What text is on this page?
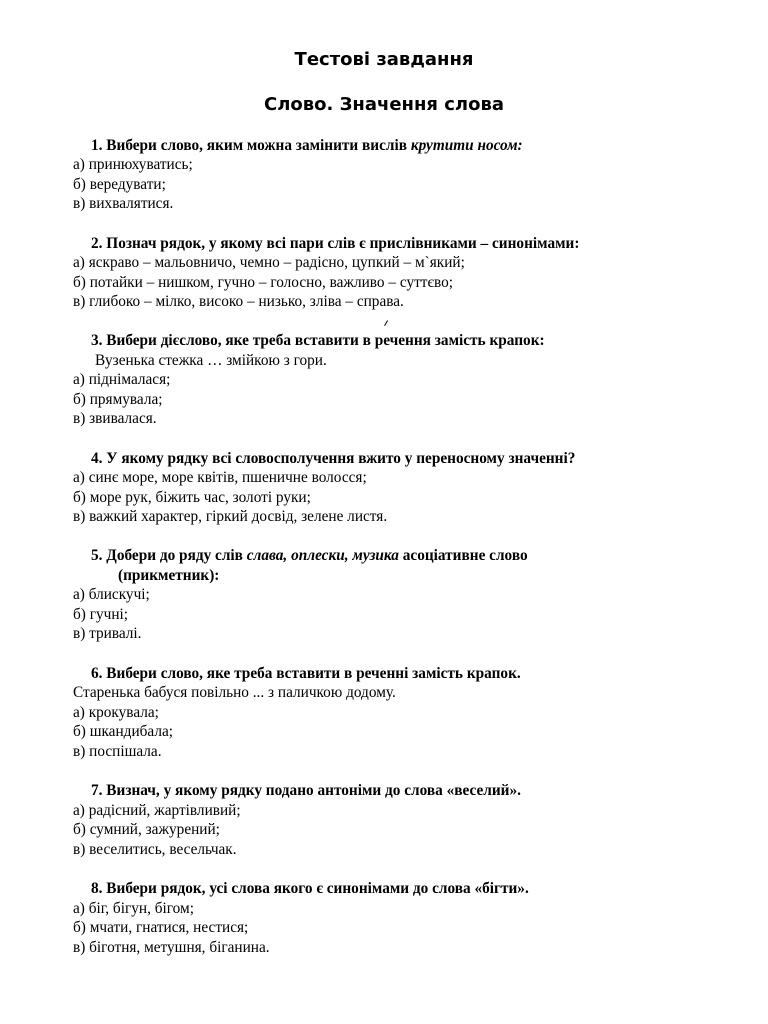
Тестові завдання
Слово. Значення слова
1. Вибери слово, яким можна замінити вислів крутити носом:
а) принюхуватись;
б) вередувати;
в) вихвалятися.
2. Познач рядок, у якому всі пари слів є прислівниками – синонімами:
а) яскраво – мальовничо, чемно – радісно, цупкий – м`який;
б) потайки – нишком, гучно – голосно, важливо – суттєво;
в) глибоко – мілко, високо – низько, зліва – справа.
3. Вибери дієслово, яке треба вставити в речення замість крапок:
Вузенька стежка … змійкою з гори.
а) піднімалася;
б) прямувала;
в) звивалася.
4. У якому рядку всі словосполучення вжито у переносному значенні?
а) синє море, море квітів, пшеничне волосся;
б) море рук, біжить час, золоті руки;
в) важкий характер, гіркий досвід, зелене листя.
5. Добери до ряду слів слава, оплески, музика асоціативне слово
(прикметник):
а) блискучі;
б) гучні;
в) тривалі.
6. Вибери слово, яке треба вставити в реченні замість крапок.
Старенька бабуся повільно ... з паличкою додому.
а) крокувала;
б) шкандибала;
в) поспішала.
7. Визнач, у якому рядку подано антоніми до слова «веселий».
а) радісний, жартівливий;
б) сумний, зажурений;
в) веселитись, весельчак.
8. Вибери рядок, усі слова якого є синонімами до слова «бігти».
а) біг, бігун, бігом;
б) мчати, гнатися, нестися;
в) біготня, метушня, біганина.
